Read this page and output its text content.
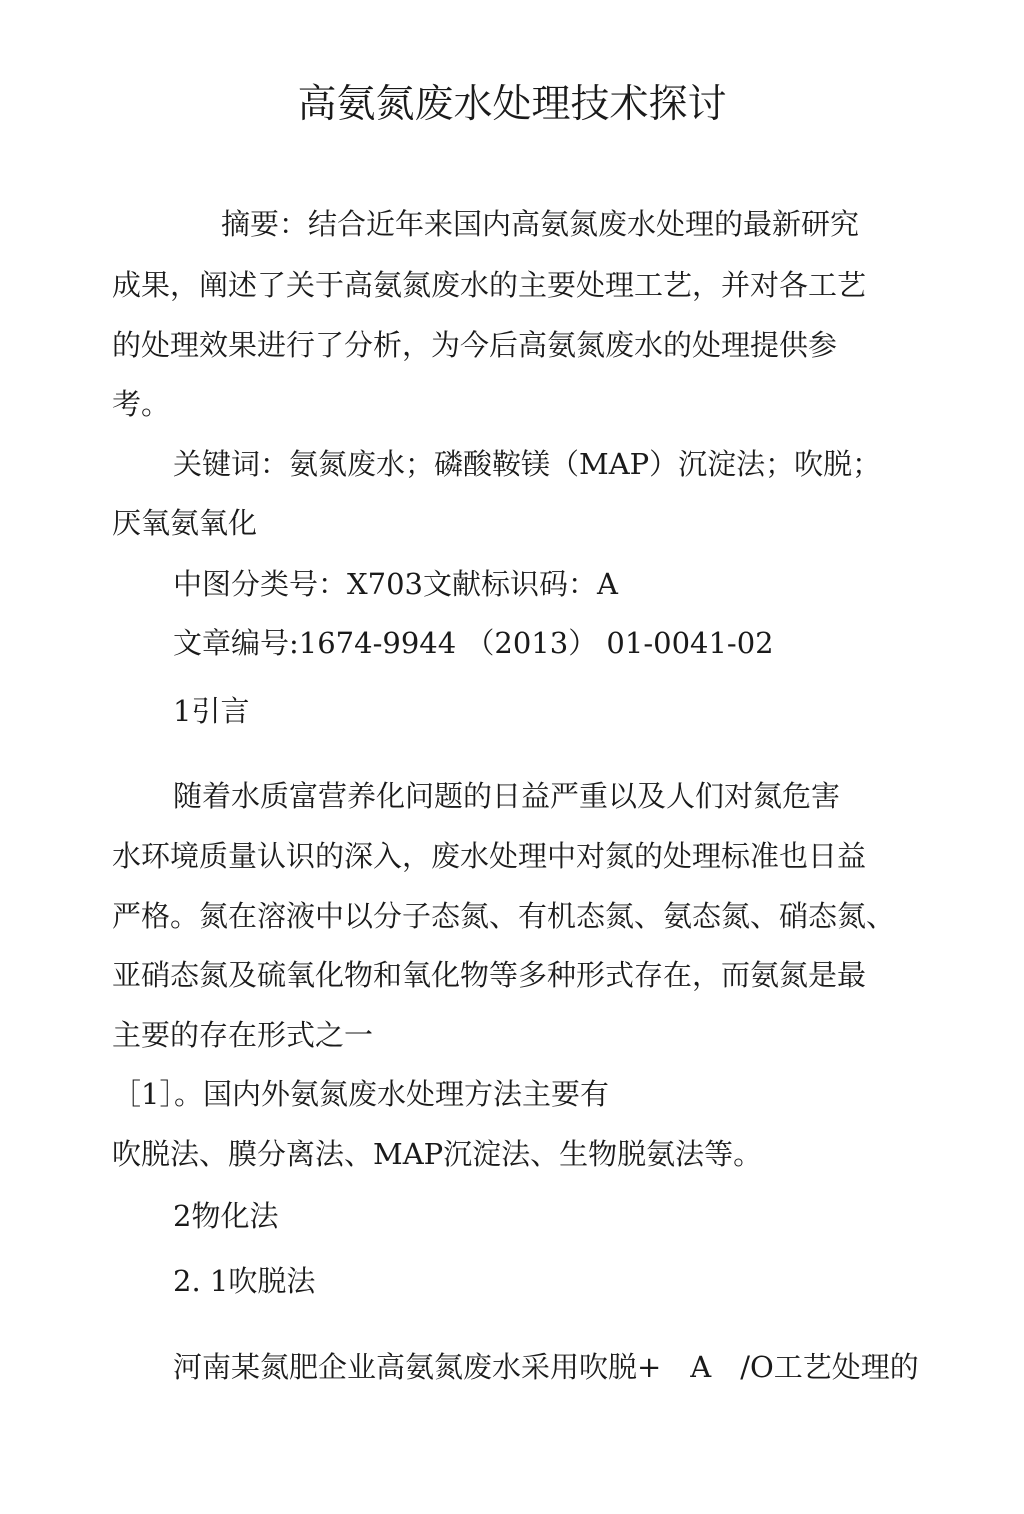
高氨氮废水处理技术探讨

摘要：结合近年来国内高氨氮废水处理的最新研究

成果，阐述了关于高氨氮废水的主要处理工艺，并对各工艺

的处理效果进行了分析，为今后高氨氮废水的处理提供参

考。

关键词：氨氮废水；磷酸鞍镁（MAP）沉淀法；吹脱；

厌氧氨氧化

中图分类号：X703文献标识码：A

文章编号:1674-9944 （2013） 01-0041-02

1引言

随着水质富营养化问题的日益严重以及人们对氮危害

水环境质量认识的深入，废水处理中对氮的处理标准也日益

严格。氮在溶液中以分子态氮、有机态氮、氨态氮、硝态氮、

亚硝态氮及硫氧化物和氧化物等多种形式存在，而氨氮是最

主要的存在形式之一

［1］。国内外氨氮废水处理方法主要有

吹脱法、膜分离法、MAP沉淀法、生物脱氨法等。

2物化法

2. 1吹脱法

河南某氮肥企业高氨氮废水采用吹脱+　A　/O工艺处理的
